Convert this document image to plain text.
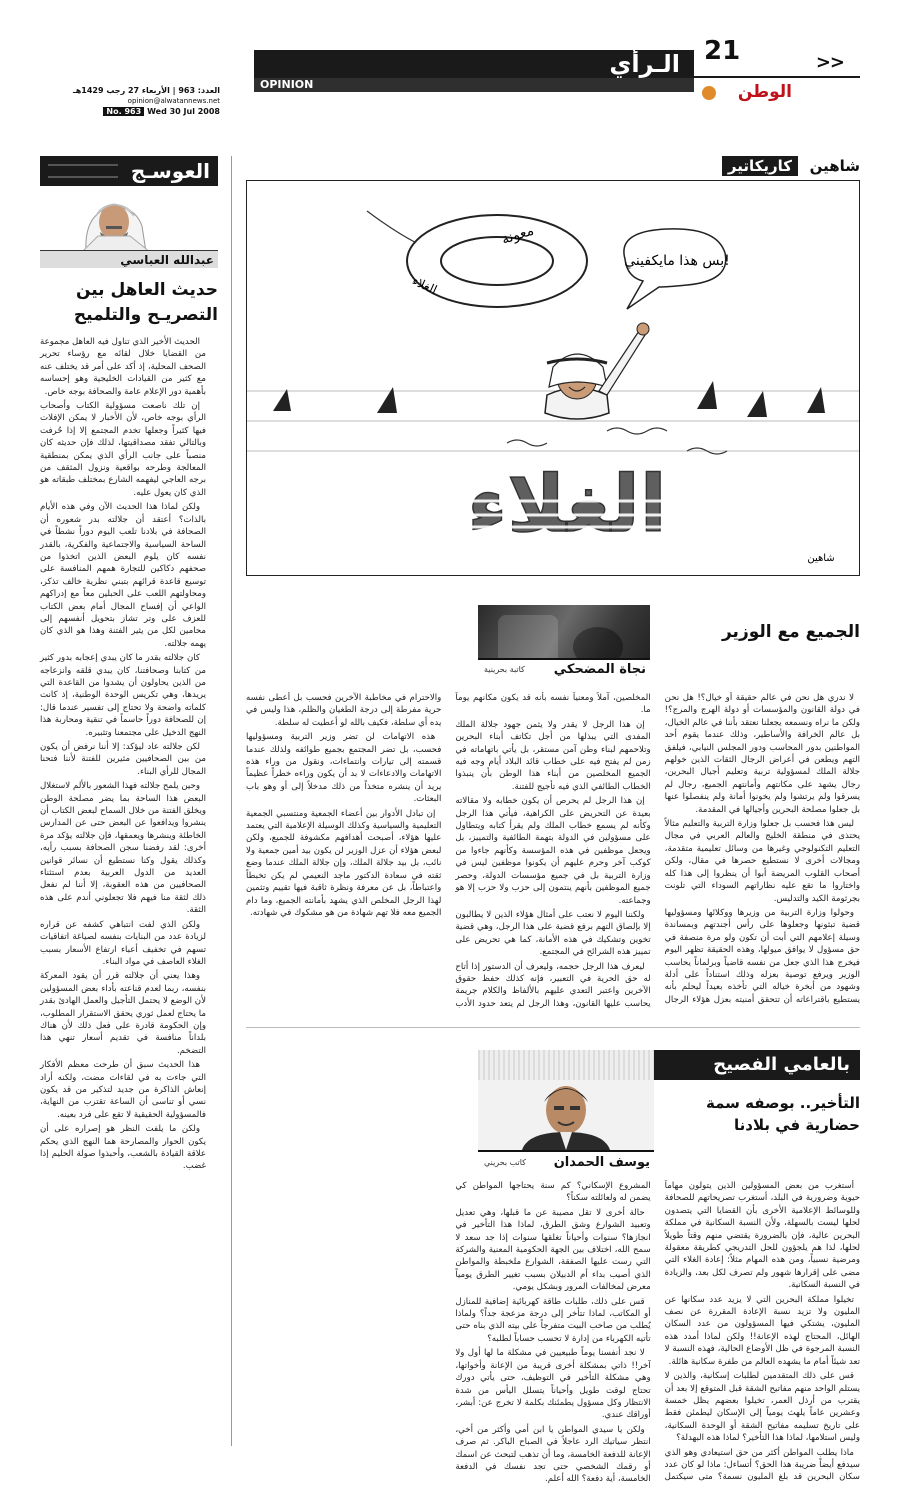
العدد: 963 | الأربعاء 27 رجب 1429هـ
opinion@alwatannews.net
No. 963 Wed 30 Jul 2008
الـرأي	>>
21
OPINION	الوطن
العوسـج
عبدالله العباسي
حديث العاهل بين التصريـح والتلميح

الحديث الأخير الذي تناول فيه العاهل مجموعة من القضايا خلال لقائه مع رؤساء تحرير الصحف المحلية، إذ أكد على أمر قد يختلف عنه مع كثير من القيادات الخليجية وهو إحساسه بأهمية دور الإعلام عامة والصحافة بوجه خاص.

إن تلك ناصعت مسؤولية الكتاب وأصحاب الرأي بوجه خاص، لأن الأخبار لا يمكن الإفلات فيها كثيراً وجعلها تخدم المجتمع إلا إذا حُرفت وبالتالي تفقد مصداقيتها، لذلك فإن حديثه كان منصباً على جانب الرأي الذي يمكن بمنطقية المعالجة وطرحه بواقعية ونزول المثقف من برجه العاجي ليفهمه الشارع بمختلف طبقاته هو الذي كان يعول عليه.

ولكن لماذا هذا الحديث الآن وفي هذه الأيام بالذات؟ أعتقد أن جلالته بدر شعوره أن الصحافة في بلادنا تلعب اليوم دوراً نشطاً في الساحة السياسية والاجتماعية والفكرية، بالقدر نفسه كان يلوم البعض الذين اتخذوا من صحفهم دكاكين للتجارة همهم المنافسة على توسيع قاعدة قرائهم بتبني نظرية خالف تذكر، ومحاولتهم اللعب على الحبلين معاً مع إدراكهم الواعي أن إفساح المجال أمام بعض الكتاب للعزف على وتر تشاز بتحويل أنفسهم إلى محامين لكل من يثير الفتنة وهذا هو الذي كان يهمه جلالته.

كان جلالته بقدر ما كان يبدي إعجابه بدور كثير من كتابنا وصحافتنا، كان يبدي قلقه وانزعاجه من الذين يحاولون أن يشدوا من القاعدة التي يريدها، وهي تكريس الوحدة الوطنية، إذ كانت كلماته واضحة ولا تحتاج إلى تفسير عندما قال: إن للصحافة دوراً حاسماً في تنقية ومحاربة هذا النهج الدخيل على مجتمعنا وتثبيره.

لكن جلالته عاد ليؤكد: إلا أننا نرفض أن يكون من بين الصحافيين مثيرين للفتنة لأننا فتحنا المجال للرأي البناء.

وحين يلمح جلالته فهذا الشعور بالألم لاستغلال البعض هذا الساحة بما يضر مصلحة الوطن ويخلق الفتنة من خلال السماح لبعض الكتاب أن ينشروا ويدافعوا عن البعض حتى عن المدارس الخاطئة وينشرها ويعمقها، فإن جلالته يؤكد مرة أخرى: لقد رفضنا سجن الصحافة بسبب رأيه، وكذلك يقول وكنا نستطيع أن نسائر قوانين العديد من الدول العربية بعدم استثناء الصحافيين من هذه العقوبة، إلا أننا لم نفعل ذلك لثقة منا فيهم فلا تجعلوني أندم على هذه الثقة.

ولكن الذي لفت انتباهي كشفه عن قراره لزيادة عدد من البنايات بنفسه لصياغة اتفاقيات تسهم في تخفيف أعباء ارتفاع الأسعار بسبب الغلاء العاصف في مواد البناء.

وهذا يعني أن جلالته قرر أن يقود المعركة بنفسه، ربما لعدم قناعته بأداء بعض المسؤولين لأن الوضع لا يحتمل التأجيل والعمل الهادئ بقدر ما يحتاج لعمل ثوري يحقق الاستقرار المطلوب، وإن الحكومة قادرة على فعل ذلك لأن هناك بلداناً منافسة في تقديم أسعار تنهي هذا التضخم.

هذا الحديث سبق أن طرحت معظم الأفكار التي جاءت به في لقاءات مضت، ولكنه أراد إنعاش الذاكرة من جديد لتذكير من قد يكون نسي أو تناسى أن الساعة تقترب من النهاية، فالمسؤولية الحقيقية لا تقع على فرد بعينه.

ولكن ما يلفت النظر هو إصراره على أن يكون الحوار والمصارحة هما النهج الذي يحكم علاقة القيادة بالشعب، وأحبذوا صولة الحليم إذا غضب.

كاريكاتير	شاهين
معونة
الغلاء
بس هذا مايكفيني!
الغلاء
شاهين
الجميع مع الوزير
نجاة المضحكي
كاتبة بحرينية

لا ندري هل نحن في عالم حقيقة أو خيال؟! هل نحن في دولة القانون والمؤسسات أو دولة الهرج والمرج؟! ولكن ما نراه ونسمعه يجعلنا نعتقد بأننا في عالم الخيال، بل عالم الخرافة والأساطير، وذلك عندما يقوم أحد المواطنين بدور المحاسب ودور المجلس النيابي، فيلفق التهم ويطعن في أعراض الرجال الثقات الذين خولهم جلالة الملك لمسؤولية تربية وتعليم أجيال البحرين، رجال يشهد على مكانتهم وأمانتهم الجميع، رجال لم يسرقوا ولم يرتشوا ولم يخونوا أمانة ولم ينفصلوا عنها بل جعلوا مصلحة البحرين وأجيالها في المقدمة.

ليس هذا فحسب بل جعلوا وزارة التربية والتعليم مثالاً يحتذى في منطقة الخليج والعالم العربي في مجال التعليم التكنولوجي وغيرها من وسائل تعليمية متقدمة، ومجالات أخرى لا نستطيع حصرها في مقال، ولكن أصحاب القلوب المريضة أبوا أن ينظروا إلى هذا كله واختاروا ما تقع عليه نظاراتهم السوداء التي تلونت بجرثومة الكيد والتدليس.

وحولوا وزارة التربية من وزيرها ووكلائها ومسؤوليها قضية تبثونها وجعلوها على رأس أجندتهم وبمساندة وسيلة إعلامهم التي أبت أن تكون ولو مرة منصفة في حق مسؤول لا يوافق ميولها، وهذه الحقيقة تظهر اليوم فيخرج هذا الذي جعل من نفسه قاضياً وبرلماناً يحاسب الوزير ويرفع توصية بعزله وذلك استناداً على أدلة وشهود من أبخرة خياله التي تأخذه بعيداً ليحلم بأنه يستطيع باقتراعاته أن تتحقق أمنيته بعزل هؤلاء الرجال المخلصين، آملاً ومعنياً نفسه بأنه قد يكون مكانهم يوماً ما.

إن هذا الرجل لا يقدر ولا يثمن جهود جلالة الملك المفدى التي يبذلها من أجل تكاتف أبناء البحرين وتلاحمهم لبناء وطن آمن مستقر، بل يأتي باتهاماته في زمن لم يفتح فيه على خطاب قائد البلاد أيام وجه فيه الجميع المخلصين من أبناء هذا الوطن بأن ينبذوا الخطاب الطائفي الذي فيه تأجيج للفتنة.

إن هذا الرجل لم يحرص أن يكون خطابه ولا مقالاته بعيدة عن التحريض على الكراهية، فيأتي هذا الرجل وكأنه لم يسمع خطاب الملك ولم يقرأ كتابه ويتطاول على مسؤولين في الدولة بتهمة الطائفية والتمييز، بل ويجعل موظفين في هذه المؤسسة وكأنهم جاءوا من كوكب آخر وحرم عليهم أن يكونوا موظفين ليس في وزارة التربية بل في جميع مؤسسات الدولة، وحصر جميع الموظفين بأنهم ينتمون إلى حزب ولا حزب إلا هو وجماعته.

ولكننا اليوم لا نعتب على أمثال هؤلاء الذين لا يطالبون إلا بإلصاق التهم برفع قضية على هذا الرجل، وهي قضية تخوين وتشكيك في هذه الأمانة، كما هي تحريض على تمييز هذه الشرائح في المجتمع.

ليعرف هذا الرجل حجمه، وليعرف أن الدستور إذا أتاح له حق الحرية في التعبير، فإنه كذلك حفظ حقوق الآخرين واعتبر التعدي عليهم بالألفاظ والكلام جريمة يحاسب عليها القانون، وهذا الرجل لم يتعد حدود الأدب والاحترام في مخاطبة الآخرين فحسب بل أعطى نفسه حرية مفرطة إلى درجة الطغيان والظلم، هذا وليس في يده أي سلطة، فكيف بالله لو أعطيت له سلطة.

هذه الاتهامات لن تضر وزير التربية ومسؤوليها فحسب، بل تضر المجتمع بجميع طوائفه ولذلك عندما قسمته إلى تيارات وانتماءات، ونقول من وراء هذه الاتهامات والادعاءات لا بد أن يكون وراءه خطراً عظيماً يريد أن ينشره متخذاً من ذلك مدخلاً إلى أو وهو باب البعثات.

إن تبادل الأدوار بين أعضاء الجمعية ومنتسبي الجمعية التعليمية والسياسية وكذلك الوسيلة الإعلامية التي يعتمد عليها هؤلاء، أصبحت أهدافهم مكشوفة للجميع، ولكن لبعض هؤلاء أن عزل الوزير لن يكون بيد أمين جمعية ولا نائب، بل بيد جلالة الملك، وإن جلالة الملك عندما وضع ثقته في سعادة الدكتور ماجد النعيمي لم يكن تخبطاً واعتباطاً، بل عن معرفة ونظرة ثاقبة فيها تقييم وتثمين لهذا الرجل المخلص الذي يشهد بأمانته الجميع، وما دام الجميع معه فلا تهم شهادة من هو مشكوك في شهادته.

بالعامي الفصيح
التأخير.. بوصفه سمة حضارية في بلادنا
يوسف الحمدان
كاتب بحريني

أستغرب من بعض المسؤولين الذين يتولون مهاماً حيوية وضرورية في البلد، أستغرب تصريحاتهم للصحافة وللوسائط الإعلامية الأخرى بأن القضايا التي يتصدون لحلها ليست بالسهلة، ولأن النسبة السكانية في مملكة البحرين عالية، فإن بالضرورة يقتضي منهم وقتاً طويلاً لحلها، لذا هم يلجؤون للحل التدريجي كطريقة معقولة ومرضية نسبياً، ومن هذه المهام مثلاً: إعادة الغلاء التي مضى على إقرارها شهور ولم تصرف لكل بعد، والزيادة في النسبة السكانية.

تخيلوا مملكة البحرين التي لا يزيد عدد سكانها عن المليون ولا تزيد نسبة الإعادة المقررة عن نصف المليون، يشتكي فيها المسؤولون من عدد السكان الهائل، المحتاج لهذه الإعانة!! ولكن لماذا أمدد هذه النسبة المرجوة في ظل الأوضاع الحالية، فهذه النسبة لا تعد شيئاً أمام ما يشهده العالم من طفرة سكانية هائلة.

قس على ذلك المتقدمين لطلبات إسكانية، والذين لا يستلم الواحد منهم مفاتيح الشقة قبل المتوقع إلا بعد أن يقترب من أرذل العمر، تخيلوا بعضهم يظل خمسة وعشرين عاماً يلهث يومياً إلى الإسكان ليطمئن فقط على تاريخ تسليمه مفاتيح الشقة أو الوحدة السكانية، وليس استلامها، لماذا هذا التأخير؟ لماذا هذه البهدلة؟

ماذا يطلب المواطن أكثر من حق استيعادي وهو الذي سيدفع أيضاً ضريبة هذا الحق؟ أتساءل: ماذا لو كان عدد سكان البحرين قد بلغ المليون نسمة؟ متى سيكتمل المشروع الإسكاني؟ كم سنة يحتاجها المواطن كي يضمن له ولعائلته سكناً؟

حالة أخرى لا تقل مصيبة عن ما قبلها، وهي تعديل وتعبيد الشوارع وشق الطرق، لماذا هذا التأخير في انجازها؟ سنوات وأحياناً تغلقها سنوات إذا جد سعد لا سمح الله، اختلاف بين الجهة الحكومية المعنية والشركة التي رست عليها الصفقة، الشوارع ملخبطة والمواطن الذي أصيب بداء أم الدبيلان بسبب تغيير الطرق يومياً معرض لمخالفات المرور وبشكل يومي.

قس على ذلك، طلبات طاقة كهربائية إضافية للمنازل أو المكاتب، لماذا تتأخر إلى درجة مزعجة جداً؟ ولماذا يُطلب من صاحب البيت متفرجاً على بيته الذي بناه حتى تأتيه الكهرباء من إدارة لا تحسب حساباً لطلبه؟

لا نجد أنفسنا يوماً طبيعيين في مشكلة ما لها أول ولا آخر!! ذاتي بمشكلة أخرى قريبة من الإعانة وأخواتها، وهي مشكلة التأخير في التوظيف، حتى يأتي دورك تحتاج لوقت طويل وأحياناً يتسلل اليأس من شدة الانتظار وكل مسؤول يطمئنك بكلمة لا تخرج عن: أبشر، أوراقك عندي.

ولكن يا سيدي المواطن يا ابن أمي وأكثر من أخي، انتظر سياتيك الرد عاجلاً في الصباح الباكر. ثم صرف الإعانة للدفعة الخامسة، وما أن تذهب لتبحث عن اسمك أو رقمك الشخصي حتى تجد نفسك في الدفعة الخامسة، أية دفعة؟ الله أعلم.
